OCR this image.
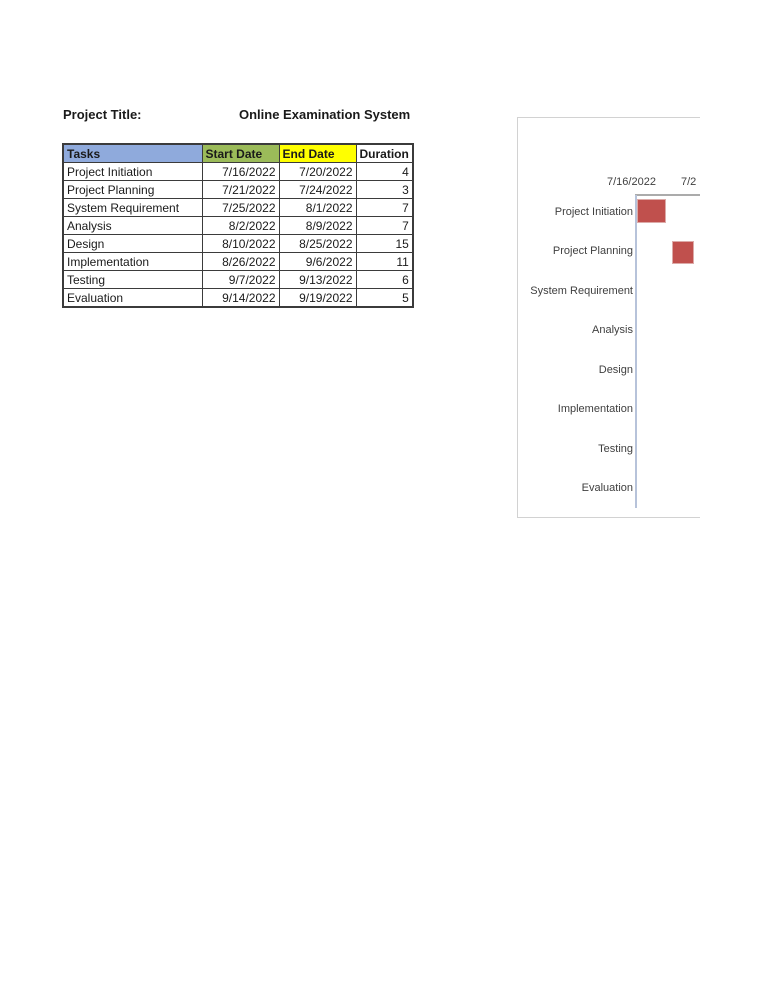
Project Title:	Online Examination System
Tasks	Start Date	End Date	Duration
Project Initiation	7/16/2022	7/20/2022	4
Project Planning	7/21/2022	7/24/2022	3
System Requirement	7/25/2022	8/1/2022	7
Analysis	8/2/2022	8/9/2022	7
Design	8/10/2022	8/25/2022	15
Implementation	8/26/2022	9/6/2022	11
Testing	9/7/2022	9/13/2022	6
Evaluation	9/14/2022	9/19/2022	5
7/16/2022 7/2
Project Initiation
Project Planning
System Requirement
Analysis
Design
Implementation
Testing
Evaluation
